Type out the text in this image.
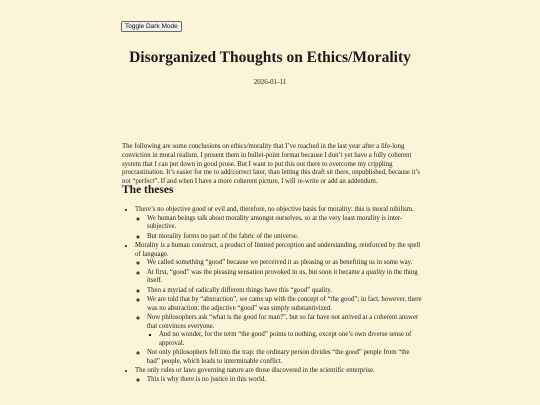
Toggle Dark Mode
Disorganized Thoughts on Ethics/Morality

2026-01-11

The following are some conclusions on ethics/morality that I’ve reached in the last year after a life-long conviction in moral realism. I present them in bullet-point format because I don’t yet have a fully coherent system that I can put down in good prose. But I want to put this out there to overcome my crippling procrastination. It’s easier for me to add/correct later, than letting this draft sit there, unpublished, because it’s not “perfect”. If and when I have a more coherent picture, I will re-write or add an addendum.

The theses
• There’s no objective good or evil and, therefore, no objective basis for morality: this is moral nihilism.
◦ We human beings talk about morality amongst ourselves, so at the very least morality is inter-subjective.
◦ But morality forms no part of the fabric of the universe.
• Morality is a human construct, a product of limited perception and understanding, reinforced by the spell of language.
◦ We called something “good” because we perceived it as pleasing or as benefiting us in some way.
◦ At first, “good” was the pleasing sensation provoked in us, but soon it became a quality in the thing itself.
◦ Then a myriad of radically different things have this “good” quality.
◦ We are told that by “abstraction”, we came up with the concept of “the good”; in fact, however, there was no abstraction: the adjective “good” was simply substantivized.
◦ Now philosophers ask “what is the good for man?”, but so far have not arrived at a coherent answer that convinces everyone.
▪ And no wonder, for the term “the good” points to nothing, except one’s own diverse sense of approval.
◦ Not only philosophers fell into the trap: the ordinary person divides “the good” people from “the bad” people, which leads to interminable conflict.
• The only rules or laws governing nature are those discovered in the scientific enterprise.
◦ This is why there is no justice in this world.
